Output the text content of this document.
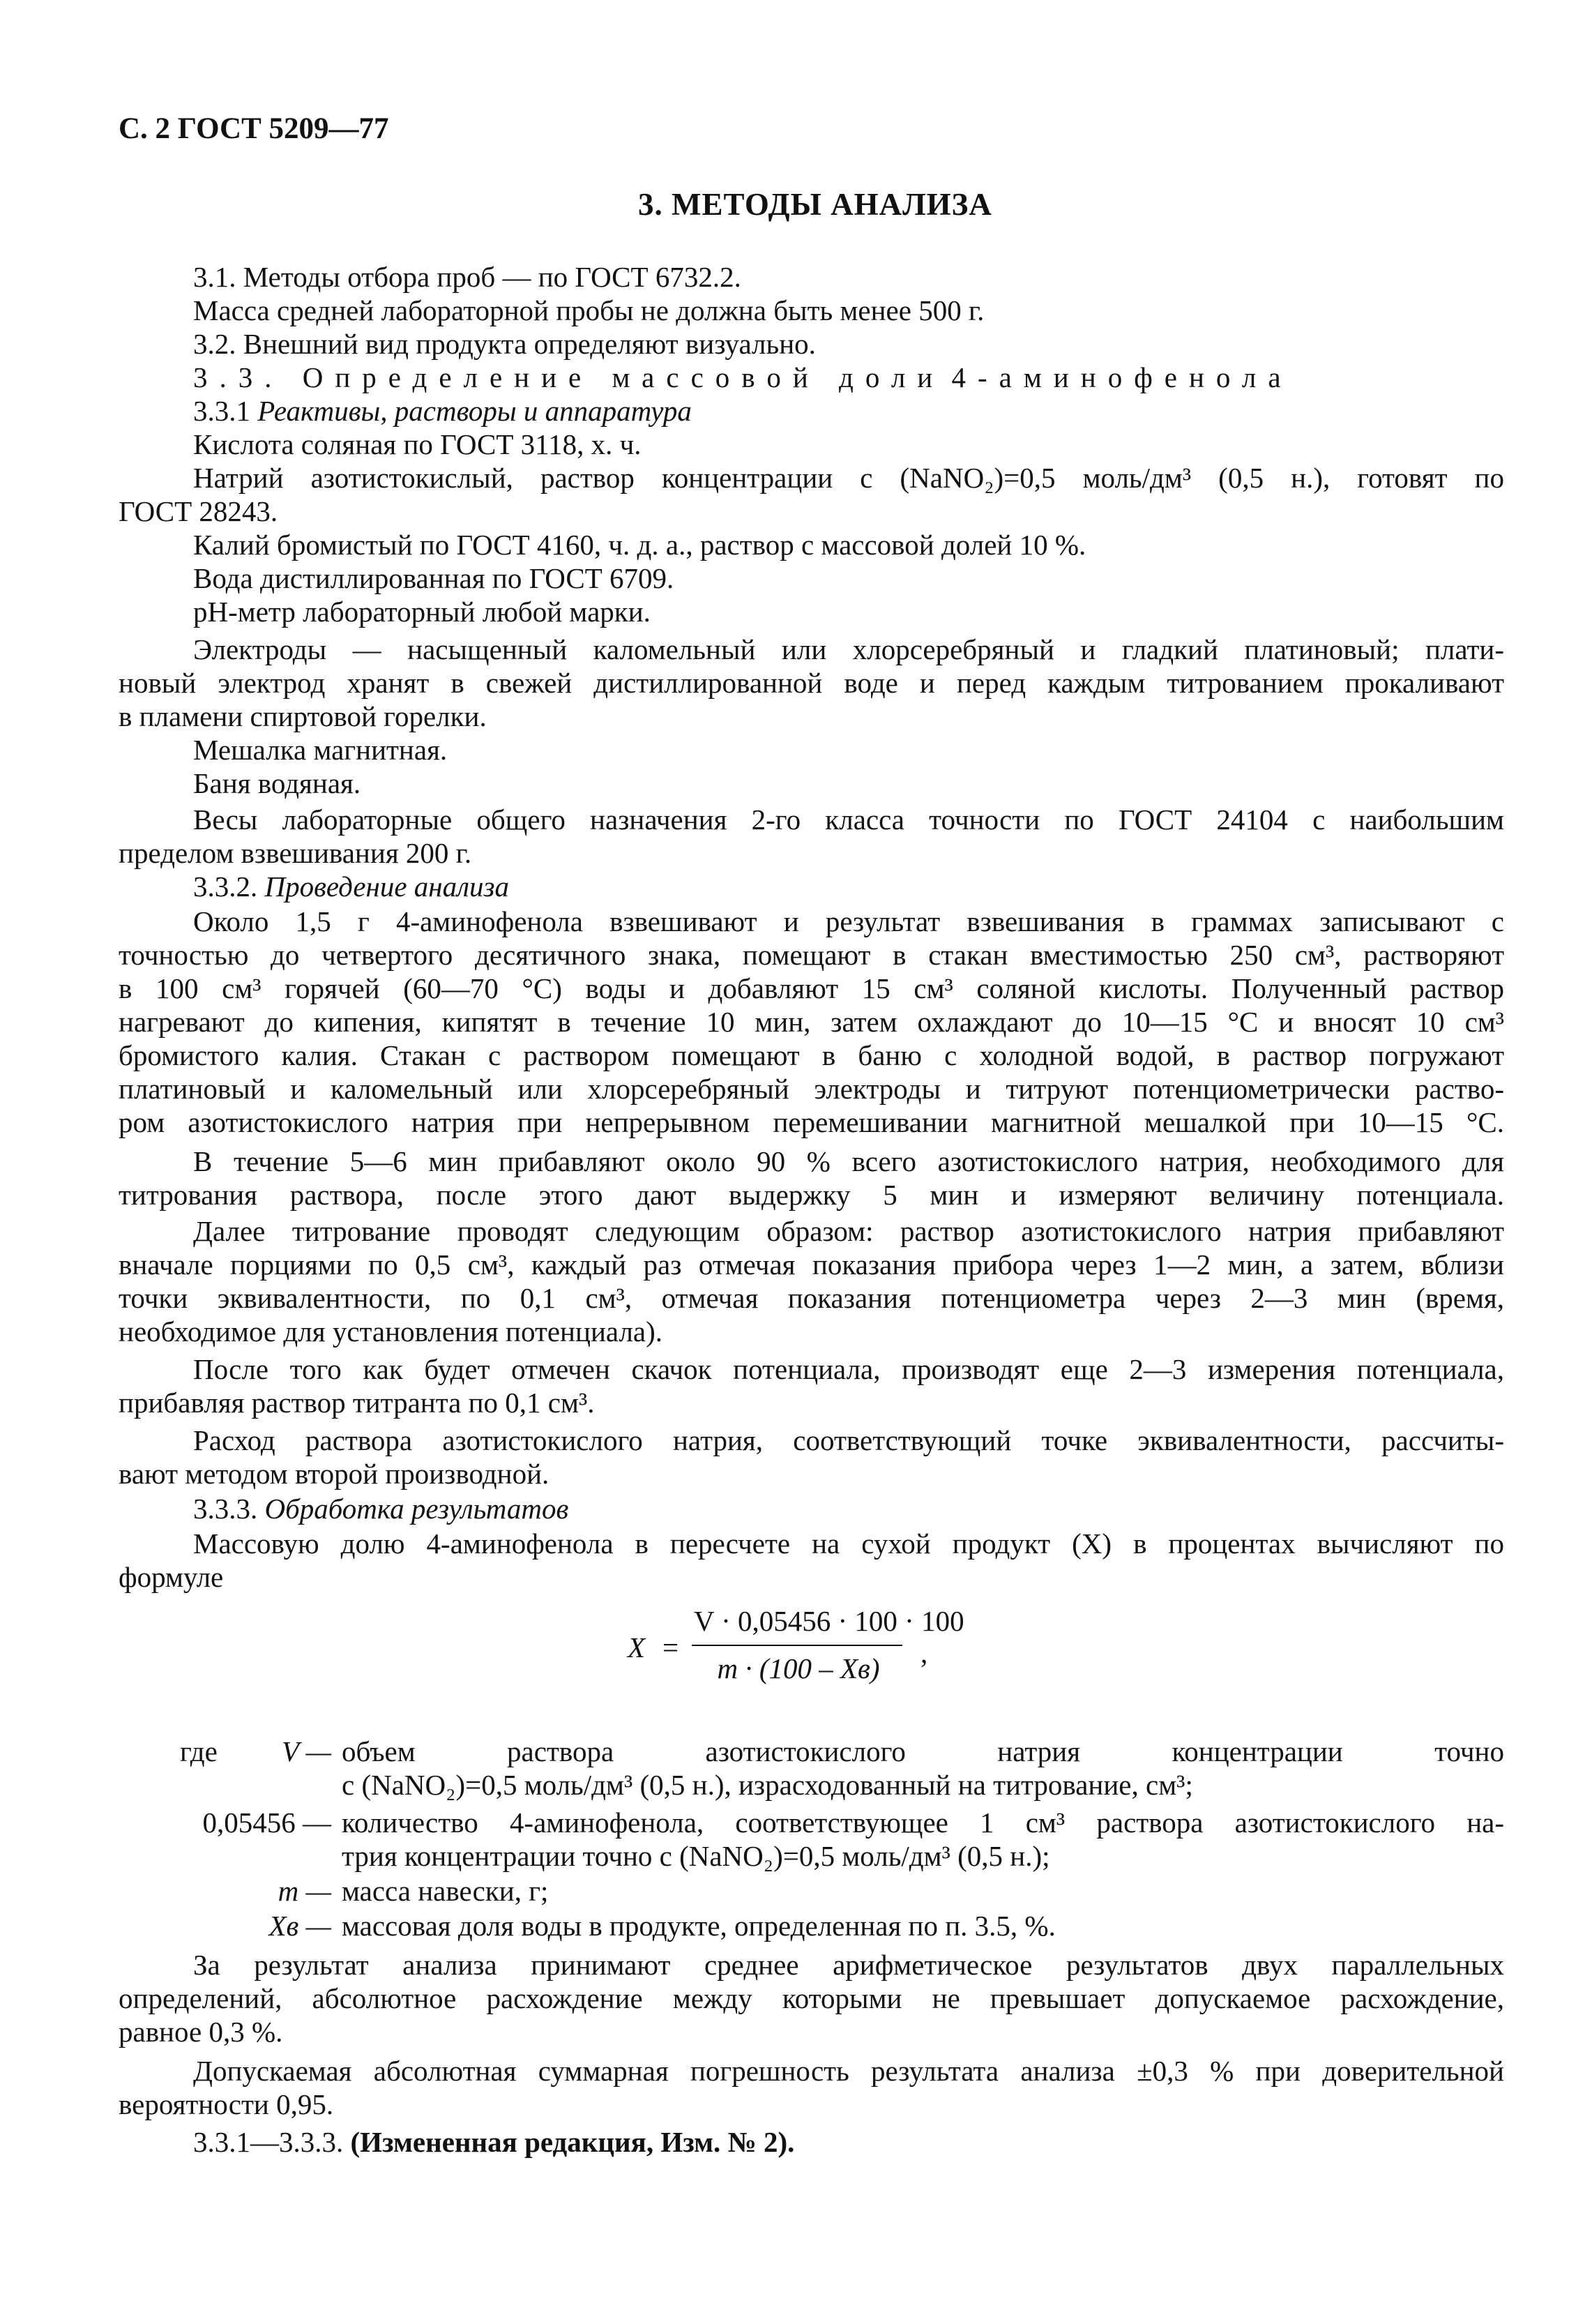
С. 2 ГОСТ 5209—77
3. МЕТОДЫ АНАЛИЗА
3.1. Методы отбора проб — по ГОСТ 6732.2.
Масса средней лабораторной пробы не должна быть менее 500 г.
3.2. Внешний вид продукта определяют визуально.
3.3. Определение массовой доли 4-аминофенола
3.3.1 Реактивы, растворы и аппаратура
Кислота соляная по ГОСТ 3118, х. ч.
Натрий азотистокислый, раствор концентрации с (NaNO₂)=0,5 моль/дм³ (0,5 н.), готовят по
ГОСТ 28243.
Калий бромистый по ГОСТ 4160, ч. д. а., раствор с массовой долей 10 %.
Вода дистиллированная по ГОСТ 6709.
рН-метр лабораторный любой марки.
Электроды — насыщенный каломельный или хлорсеребряный и гладкий платиновый; плати-
новый электрод хранят в свежей дистиллированной воде и перед каждым титрованием прокаливают
в пламени спиртовой горелки.
Мешалка магнитная.
Баня водяная.
Весы лабораторные общего назначения 2-го класса точности по ГОСТ 24104 с наибольшим
пределом взвешивания 200 г.
3.3.2. Проведение анализа
Около 1,5 г 4-аминофенола взвешивают и результат взвешивания в граммах записывают с
точностью до четвертого десятичного знака, помещают в стакан вместимостью 250 см³, растворяют
в 100 см³ горячей (60—70 °С) воды и добавляют 15 см³ соляной кислоты. Полученный раствор
нагревают до кипения, кипятят в течение 10 мин, затем охлаждают до 10—15 °С и вносят 10 см³
бромистого калия. Стакан с раствором помещают в баню с холодной водой, в раствор погружают
платиновый и каломельный или хлорсеребряный электроды и титруют потенциометрически раство-
ром азотистокислого натрия при непрерывном перемешивании магнитной мешалкой при 10—15 °С.
В течение 5—6 мин прибавляют около 90 % всего азотистокислого натрия, необходимого для
титрования раствора, после этого дают выдержку 5 мин и измеряют величину потенциала.
Далее титрование проводят следующим образом: раствор азотистокислого натрия прибавляют
вначале порциями по 0,5 см³, каждый раз отмечая показания прибора через 1—2 мин, а затем, вблизи
точки эквивалентности, по 0,1 см³, отмечая показания потенциометра через 2—3 мин (время,
необходимое для установления потенциала).
После того как будет отмечен скачок потенциала, производят еще 2—3 измерения потенциала,
прибавляя раствор титранта по 0,1 см³.
Расход раствора азотистокислого натрия, соответствующий точке эквивалентности, рассчиты-
вают методом второй производной.
3.3.3. Обработка результатов
Массовую долю 4-аминофенола в пересчете на сухой продукт (X) в процентах вычисляют по
формуле
X =
V · 0,05456 · 100 · 100
m · (100 – Xв)	,
где	V — объем раствора азотистокислого натрия концентрации точно
с (NaNO₂)=0,5 моль/дм³ (0,5 н.), израсходованный на титрование, см³;
0,05456 — количество 4-аминофенола, соответствующее 1 см³ раствора азотистокислого на-
трия концентрации точно с (NaNO₂)=0,5 моль/дм³ (0,5 н.);
m — масса навески, г;
Xв — массовая доля воды в продукте, определенная по п. 3.5, %.
За результат анализа принимают среднее арифметическое результатов двух параллельных
определений, абсолютное расхождение между которыми не превышает допускаемое расхождение,
равное 0,3 %.
Допускаемая абсолютная суммарная погрешность результата анализа ±0,3 % при доверительной
вероятности 0,95.
3.3.1—3.3.3. (Измененная редакция, Изм. № 2).
